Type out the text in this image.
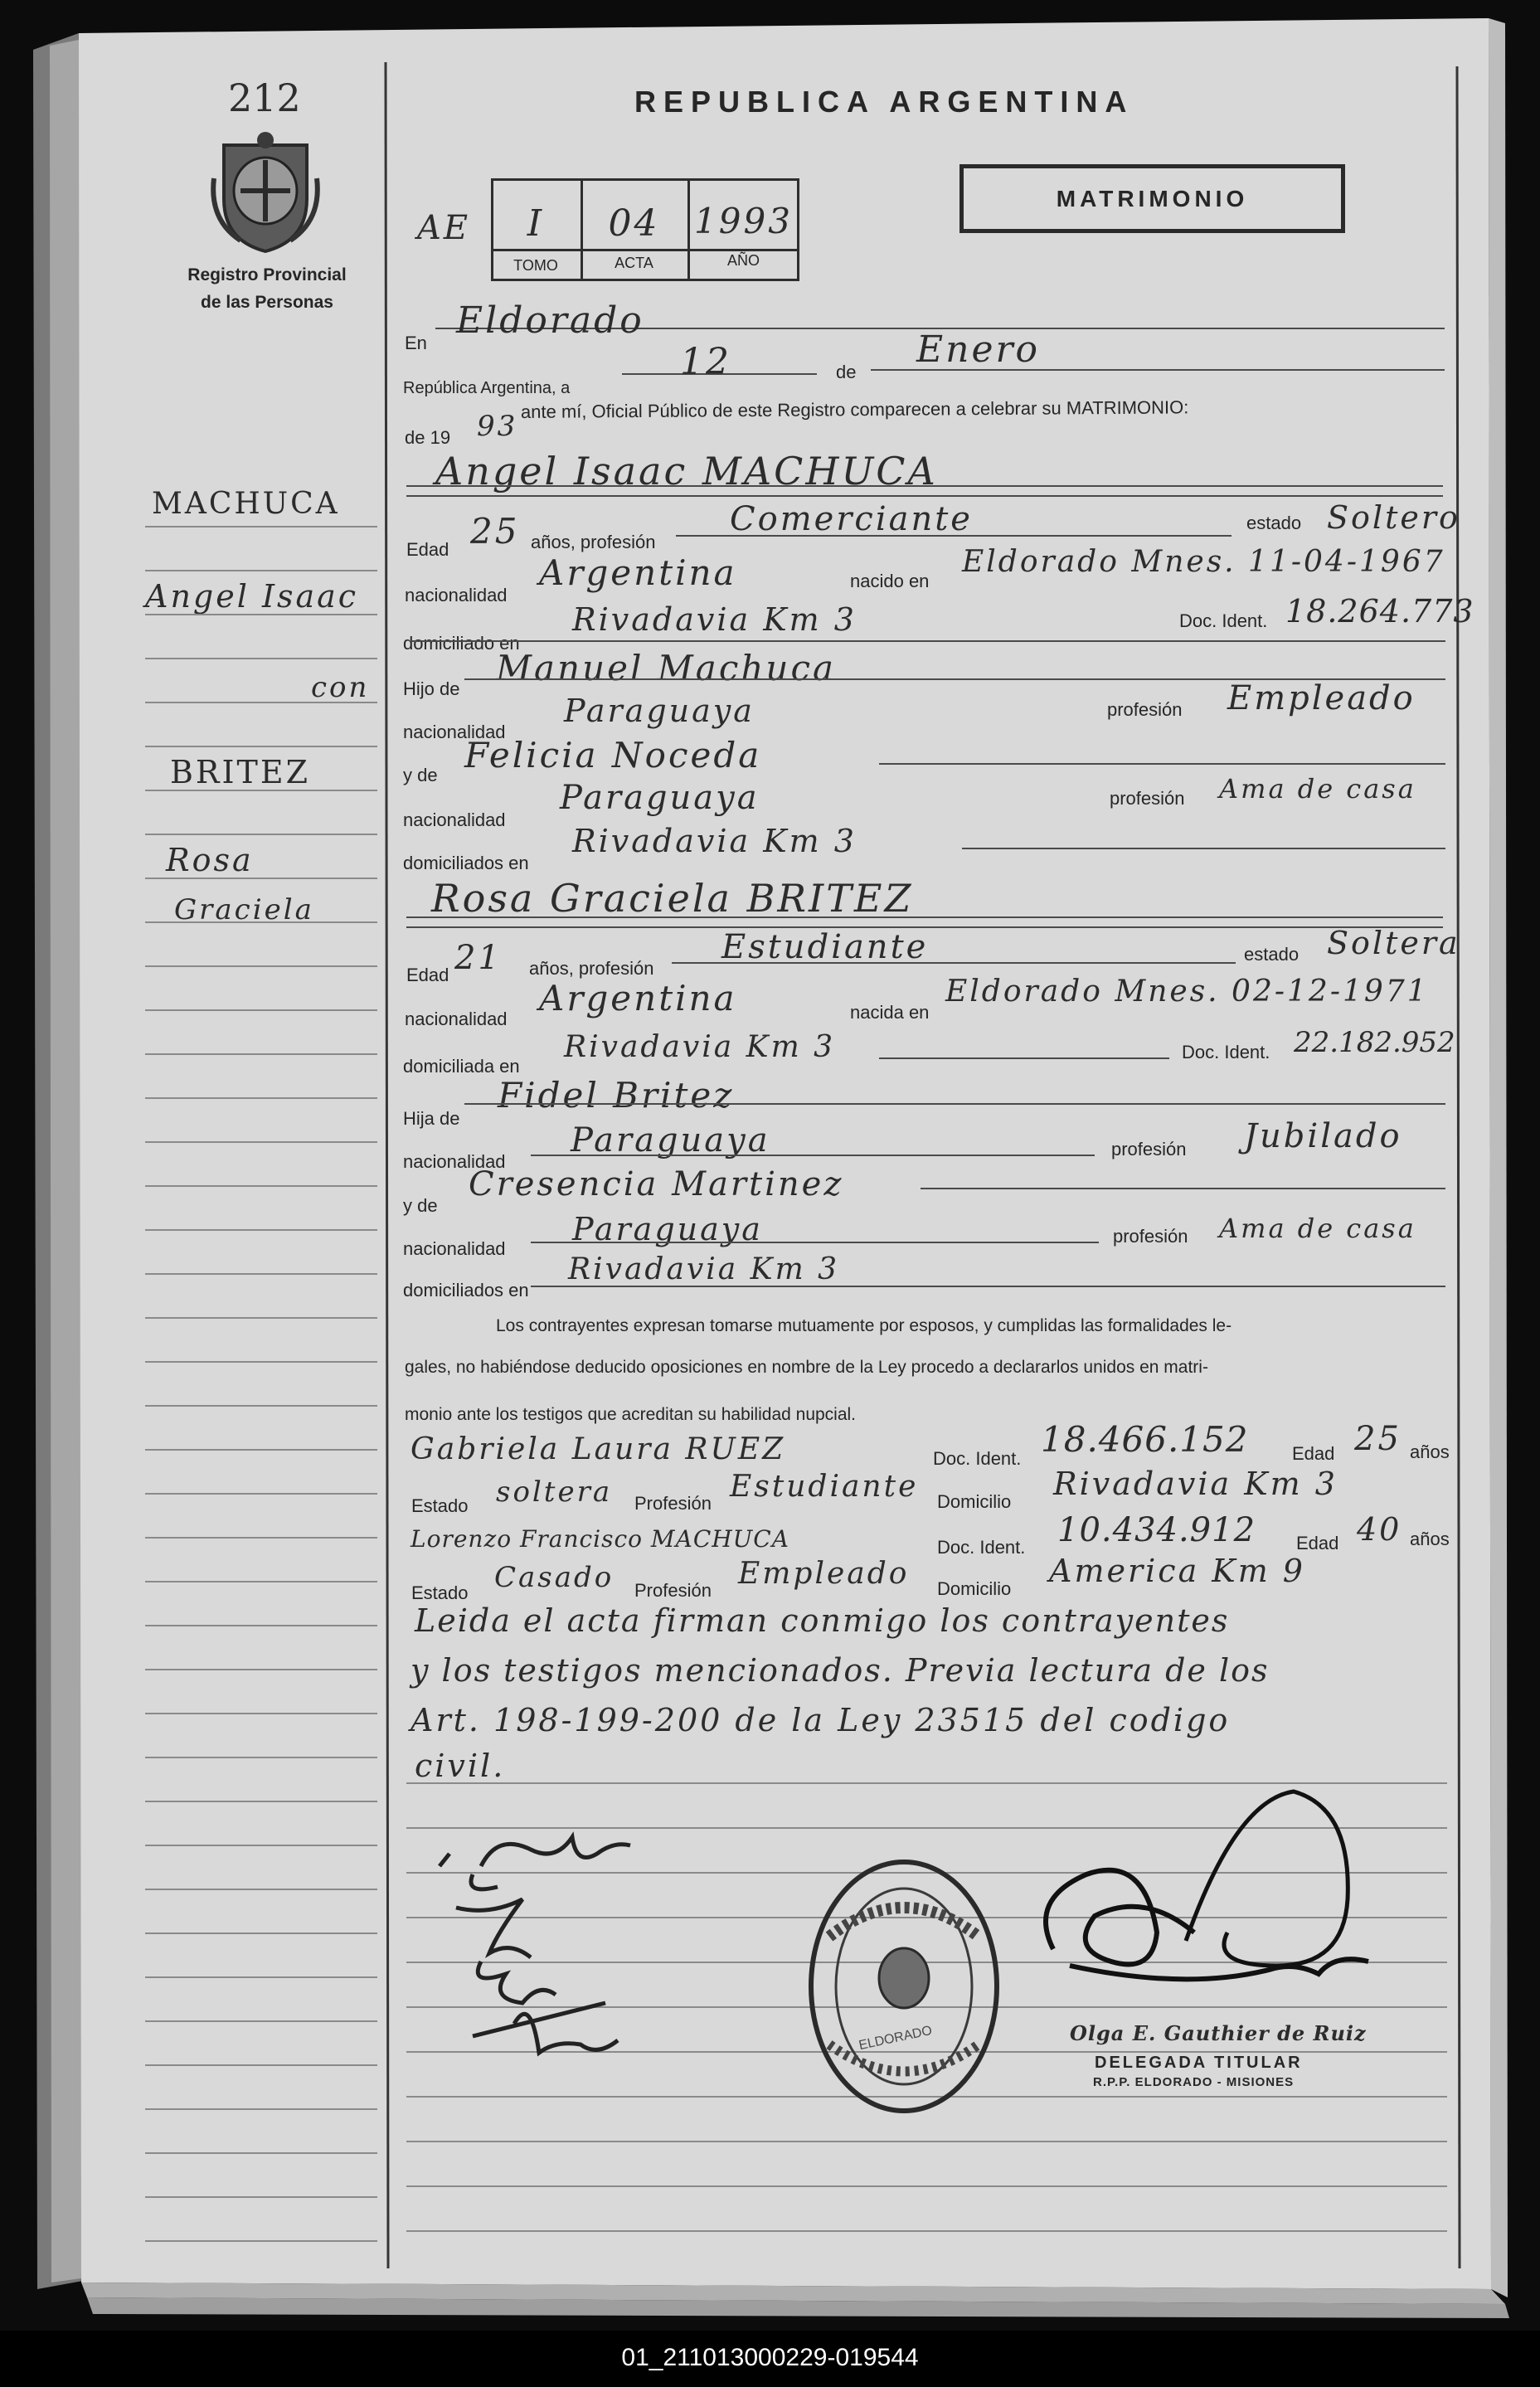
212
Registro Provincial
de las Personas
REPUBLICA ARGENTINA
MATRIMONIO
AE	I	04 1993
TOMO	ACTA	AÑO
MACHUCA
Angel Isaac
con
BRITEZ
Rosa
Graciela
En
Eldorado
República Argentina, a
12	de
Enero
de 19 93
ante mí, Oficial Público de este Registro comparecen a celebrar su MATRIMONIO:
Angel Isaac MACHUCA
Edad 25 años, profesión
Comerciante	estado Soltero
nacionalidad
Argentina	nacido en
Eldorado Mnes. 11-04-1967
domiciliado en
Rivadavia Km 3	Doc. Ident. 18.264.773
Hijo de
Manuel Machuca
nacionalidad
Paraguaya	profesión Empleado
y de Felicia Noceda
nacionalidad
Paraguaya	profesión Ama de casa
domiciliados en
Rivadavia Km 3
Rosa Graciela BRITEZ
Edad 21 años, profesión
Estudiante	estado Soltera
nacionalidad
Argentina	nacida en
Eldorado Mnes. 02-12-1971
domiciliada en
Rivadavia Km 3	Doc. Ident. 22.182.952
Hija de
Fidel Britez
nacionalidad
Paraguaya	profesión Jubilado
y de
Cresencia Martinez
nacionalidad
Paraguaya	profesión Ama de casa
domiciliados en
Rivadavia Km 3
Los contrayentes expresan tomarse mutuamente por esposos, y cumplidas las formalidades le-
gales, no habiéndose deducido oposiciones en nombre de la Ley procedo a declararlos unidos en matri-
monio ante los testigos que acreditan su habilidad nupcial.
Gabriela Laura RUEZ	Doc. Ident. 18.466.152 Edad 25 años
Estado soltera Profesión Estudiante Domicilio Rivadavia Km 3
Lorenzo Francisco MACHUCA	Doc. Ident. 10.434.912 Edad 40 años
Estado Casado Profesión Empleado Domicilio America Km 9
Leida el acta firman conmigo los contrayentes
y los testigos mencionados. Previa lectura de los
Art. 198-199-200 de la Ley 23515 del codigo
civil.
ELDORADO	Olga E. Gauthier de Ruiz
DELEGADA TITULAR
R.P.P. ELDORADO - MISIONES
01_211013000229-019544
